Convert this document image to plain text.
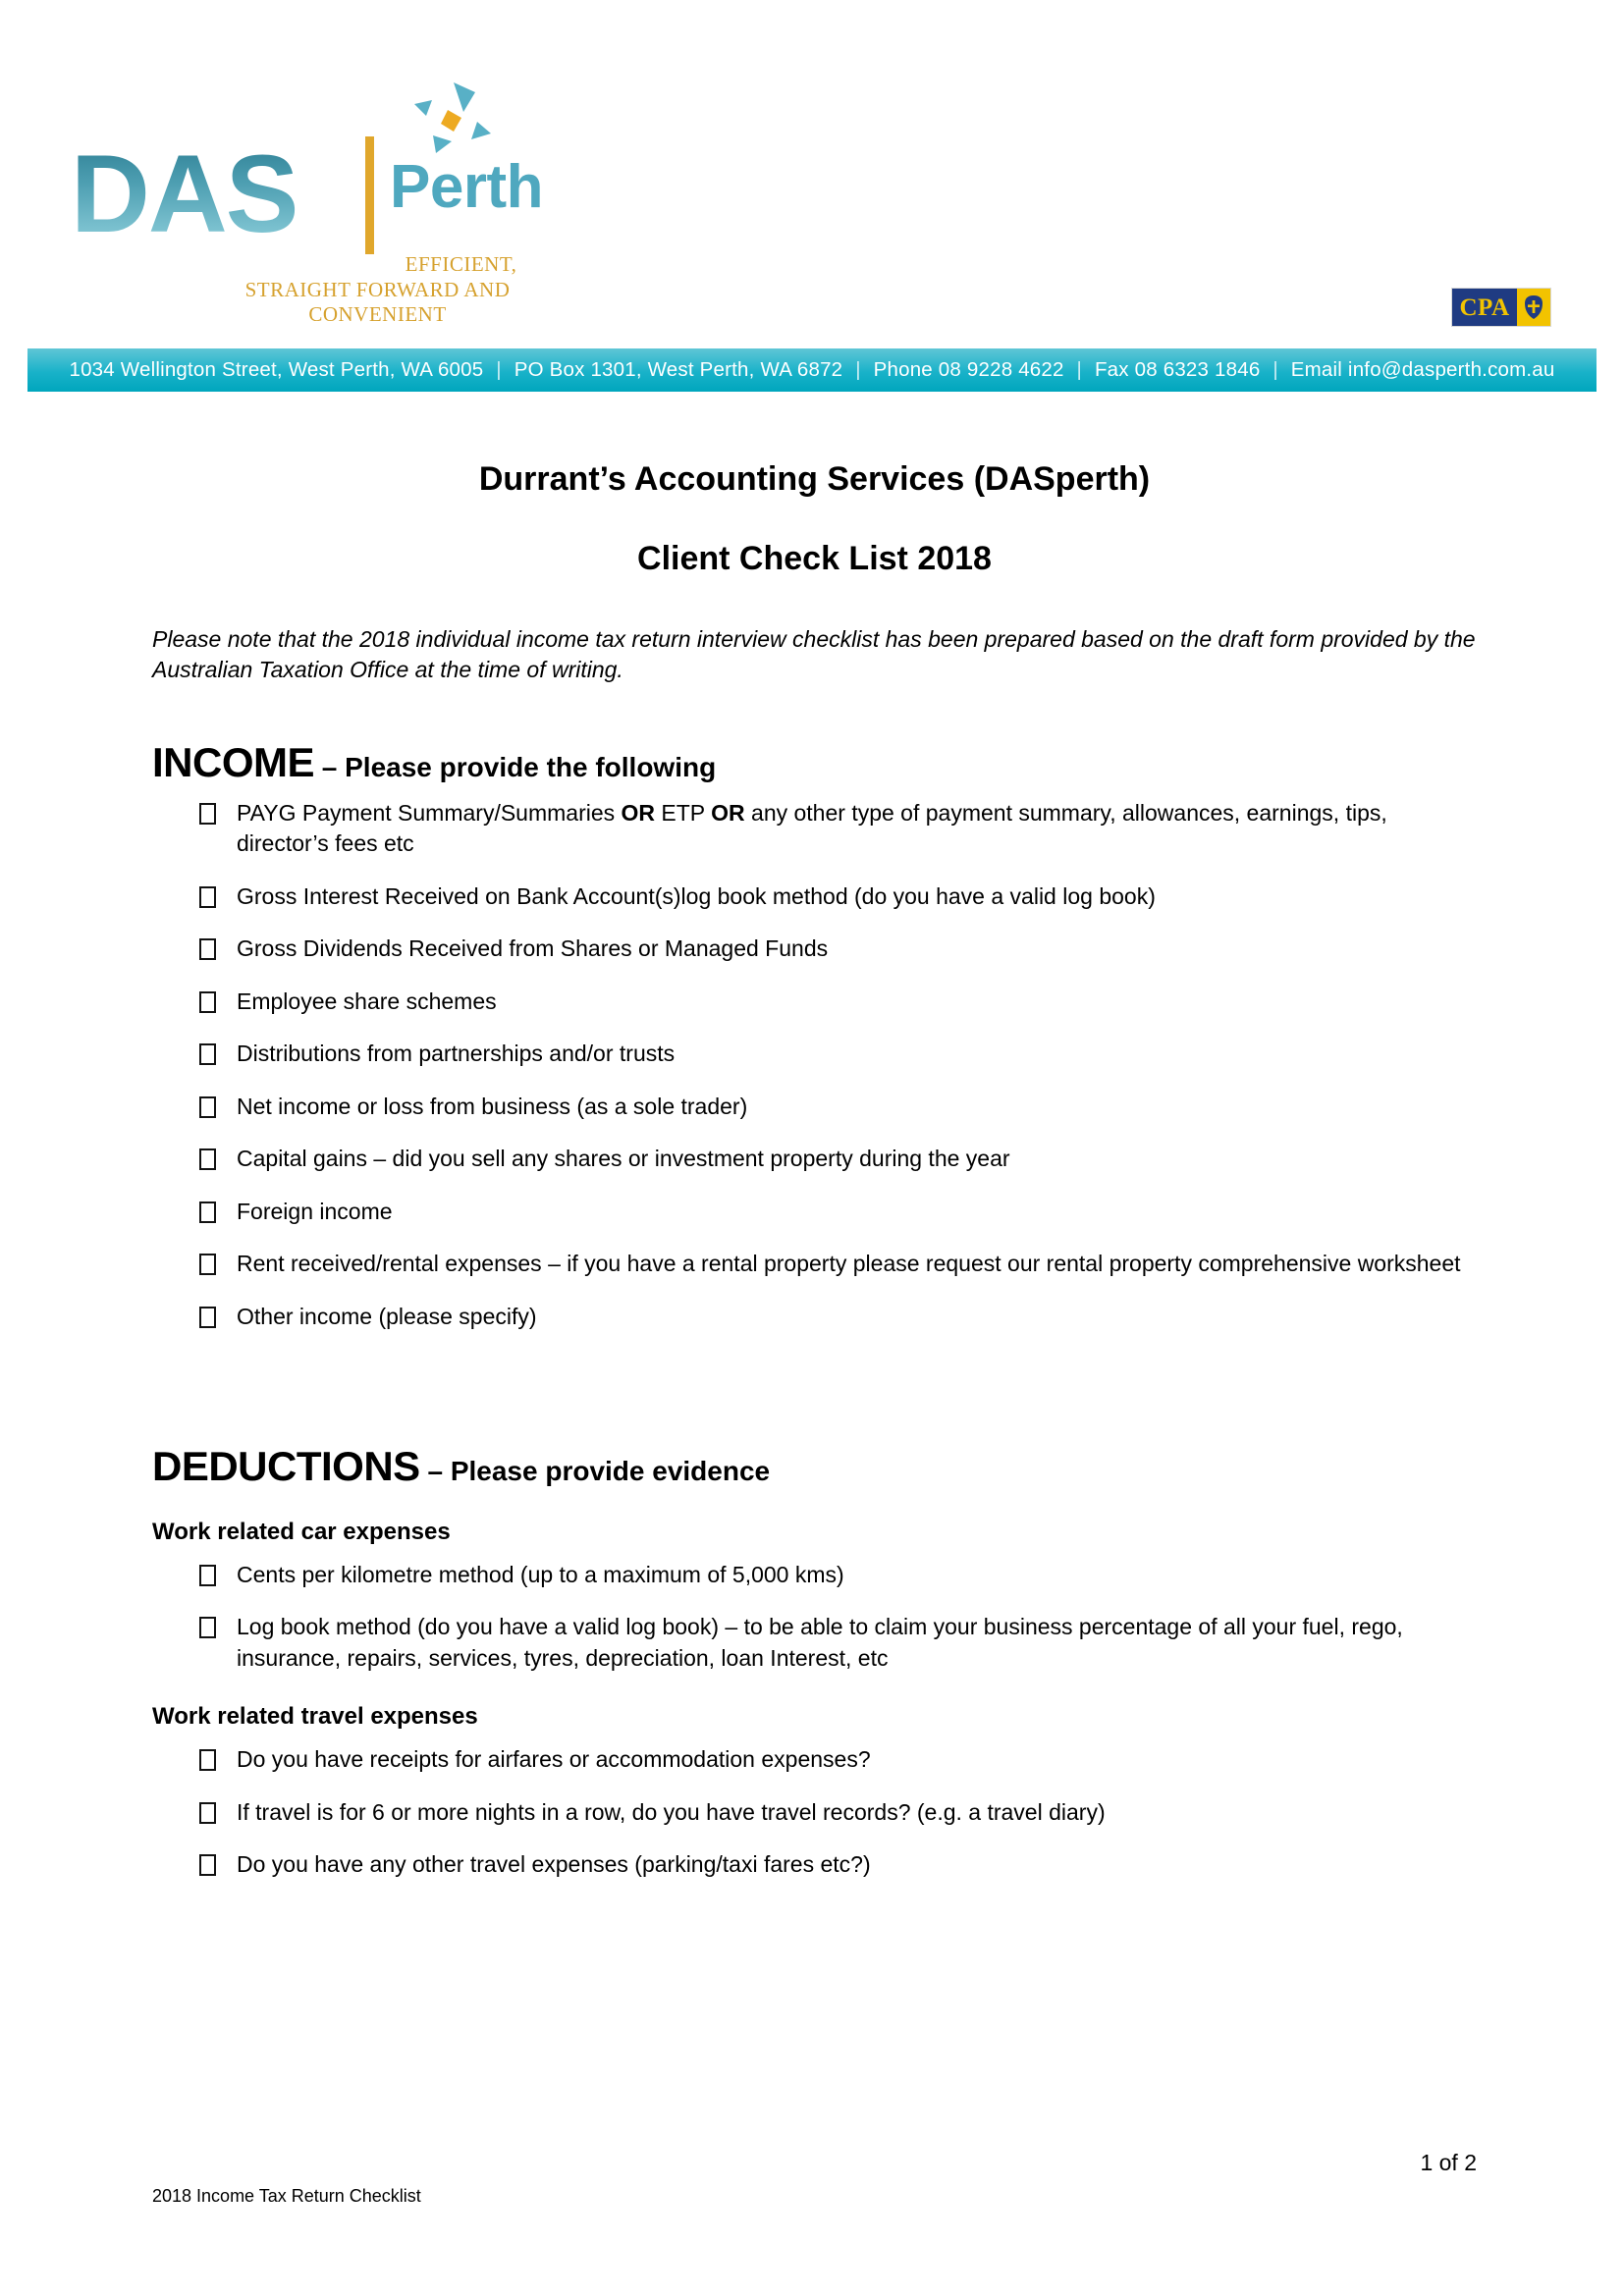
DAS Perth
EFFICIENT,
STRAIGHT FORWARD AND
CONVENIENT	CPA
1034 Wellington Street, West Perth, WA 6005 | PO Box 1301, West Perth, WA 6872 | Phone 08 9228 4622 | Fax 08 6323 1846 | Email info@dasperth.com.au
Durrant’s Accounting Services (DASperth)
Client Check List 2018
Please note that the 2018 individual income tax return interview checklist has been prepared based on the draft form provided by the Australian Taxation Office at the time of writing.
INCOME – Please provide the following
PAYG Payment Summary/Summaries OR ETP OR any other type of payment summary, allowances, earnings, tips, director’s fees etc
Gross Interest Received on Bank Account(s)log book method (do you have a valid log book)
Gross Dividends Received from Shares or Managed Funds
Employee share schemes
Distributions from partnerships and/or trusts
Net income or loss from business (as a sole trader)
Capital gains – did you sell any shares or investment property during the year
Foreign income
Rent received/rental expenses – if you have a rental property please request our rental property comprehensive worksheet
Other income (please specify)
DEDUCTIONS – Please provide evidence
Work related car expenses
Cents per kilometre method (up to a maximum of 5,000 kms)
Log book method (do you have a valid log book) – to be able to claim your business percentage of all your fuel, rego, insurance, repairs, services, tyres, depreciation, loan Interest, etc
Work related travel expenses
Do you have receipts for airfares or accommodation expenses?
If travel is for 6 or more nights in a row, do you have travel records? (e.g. a travel diary)
Do you have any other travel expenses (parking/taxi fares etc?)
1 of 2
2018 Income Tax Return Checklist
